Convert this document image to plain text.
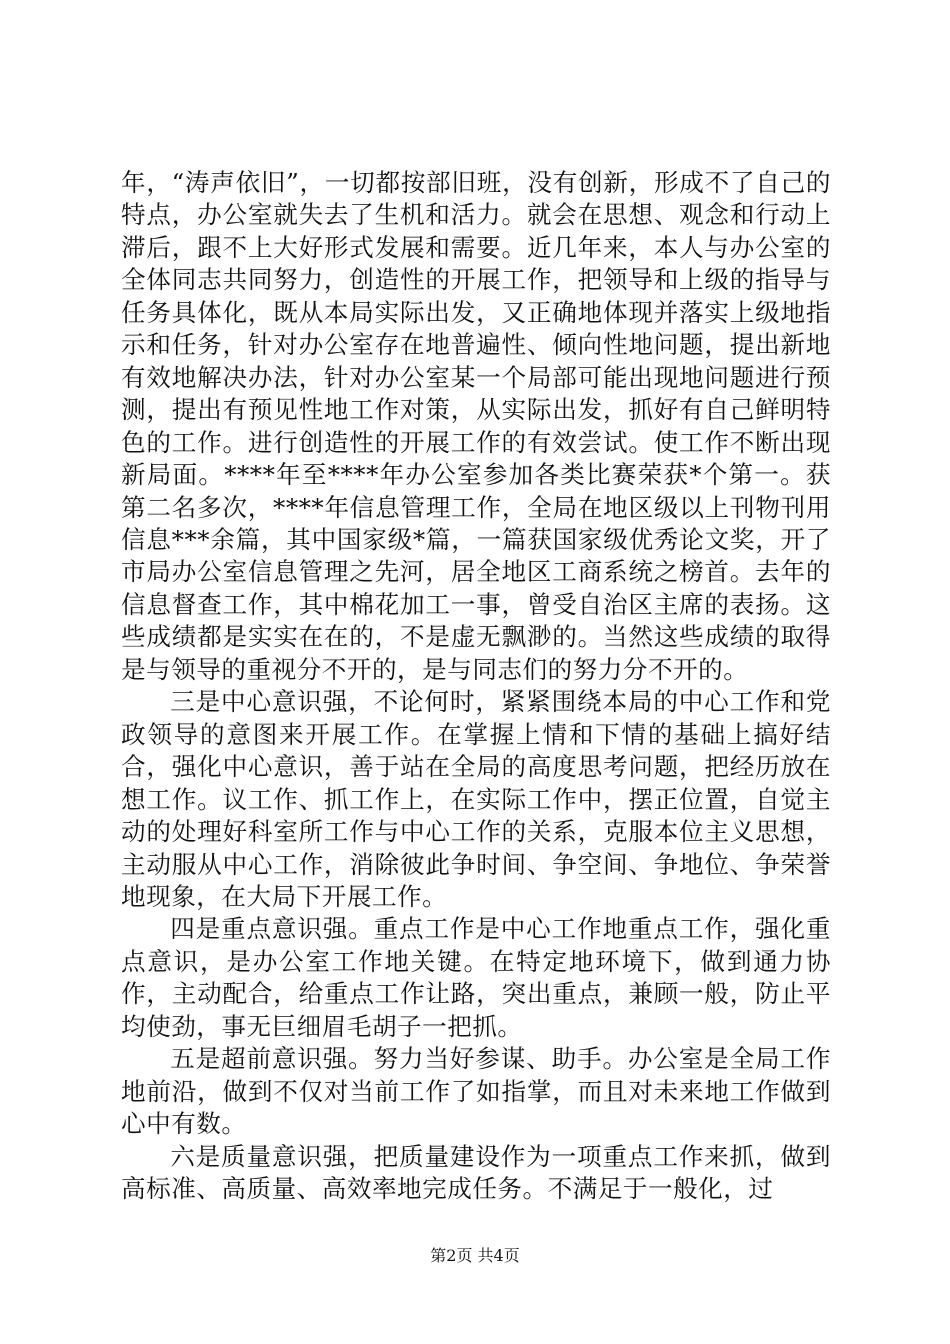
年，“涛声依旧”，一切都按部旧班，没有创新，形成不了自己的特点，办公室就失去了生机和活力。就会在思想、观念和行动上滞后，跟不上大好形式发展和需要。近几年来，本人与办公室的全体同志共同努力，创造性的开展工作，把领导和上级的指导与任务具体化，既从本局实际出发，又正确地体现并落实上级地指示和任务，针对办公室存在地普遍性、倾向性地问题，提出新地有效地解决办法，针对办公室某一个局部可能出现地问题进行预测，提出有预见性地工作对策，从实际出发，抓好有自己鲜明特色的工作。进行创造性的开展工作的有效尝试。使工作不断出现新局面。****年至****年办公室参加各类比赛荣获*个第一。获第二名多次，****年信息管理工作，全局在地区级以上刊物刊用信息***余篇，其中国家级*篇，一篇获国家级优秀论文奖，开了市局办公室信息管理之先河，居全地区工商系统之榜首。去年的信息督查工作，其中棉花加工一事，曾受自治区主席的表扬。这些成绩都是实实在在的，不是虚无飘渺的。当然这些成绩的取得是与领导的重视分不开的，是与同志们的努力分不开的。

三是中心意识强，不论何时，紧紧围绕本局的中心工作和党政领导的意图来开展工作。在掌握上情和下情的基础上搞好结合，强化中心意识，善于站在全局的高度思考问题，把经历放在想工作。议工作、抓工作上，在实际工作中，摆正位置，自觉主动的处理好科室所工作与中心工作的关系，克服本位主义思想，主动服从中心工作，消除彼此争时间、争空间、争地位、争荣誉地现象，在大局下开展工作。

四是重点意识强。重点工作是中心工作地重点工作，强化重点意识，是办公室工作地关键。在特定地环境下，做到通力协作，主动配合，给重点工作让路，突出重点，兼顾一般，防止平均使劲，事无巨细眉毛胡子一把抓。

五是超前意识强。努力当好参谋、助手。办公室是全局工作地前沿，做到不仅对当前工作了如指掌，而且对未来地工作做到心中有数。

六是质量意识强，把质量建设作为一项重点工作来抓，做到高标准、高质量、高效率地完成任务。不满足于一般化，过

第2页 共4页
